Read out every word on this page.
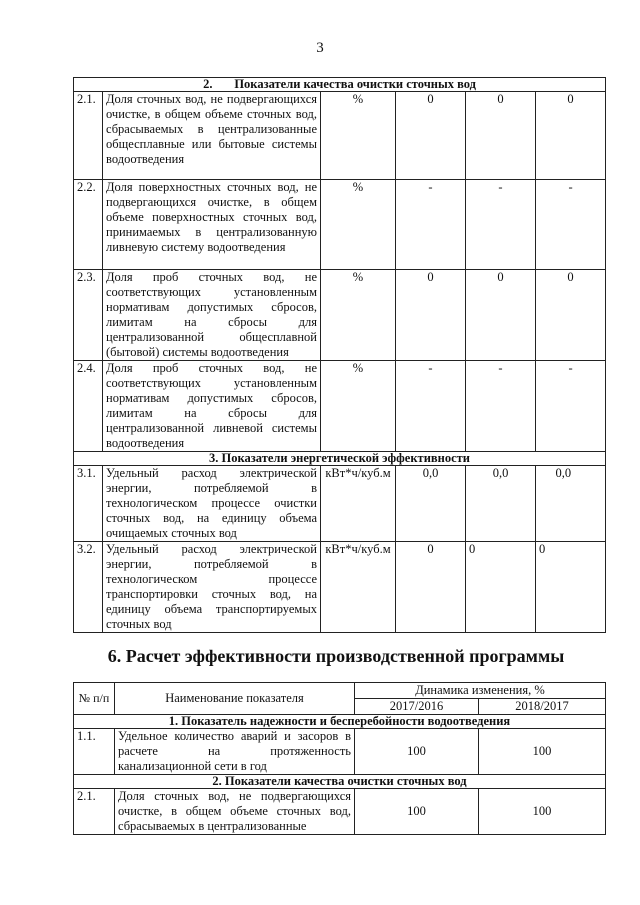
3
2.       Показатели качества очистки сточных вод					
2.1.	Доля сточных вод, не подвергающихся очистке, в общем объеме сточных вод, сбрасываемых в централизованные общесплавные или бытовые системы водоотведения	%	0	0	0
2.2.	Доля поверхностных сточных вод, не подвергающихся очистке, в общем объеме поверхностных сточных вод, принимаемых в централизованную ливневую систему водоотведения	%	-	-	-
2.3.	Доля проб сточных вод, не соответствующих установленным нормативам допустимых сбросов, лимитам на сбросы для централизованной общесплавной (бытовой) системы водоотведения	%	0	0	0
2.4.	Доля проб сточных вод, не соответствующих установленным нормативам допустимых сбросов, лимитам на сбросы для централизованной ливневой системы водоотведения	%	-	-	-
3. Показатели энергетической эффективности					
3.1.	Удельный расход электрической энергии, потребляемой в технологическом процессе очистки сточных вод, на единицу объема очищаемых сточных вод	кВт*ч/куб.м	0,0	0,0	0,0
3.2.	Удельный расход электрической энергии, потребляемой в технологическом процессе транспортировки сточных вод, на единицу объема транспортируемых сточных вод	кВт*ч/куб.м	0	0	0
6. Расчет эффективности производственной программы
№ п/п	Наименование показателя	Динамика изменения, %	
		2017/2016	2018/2017
1. Показатель надежности и бесперебойности водоотведения			
1.1.	Удельное количество аварий и засоров в расчете на протяженность канализационной сети в год	100	100
2. Показатели качества очистки сточных вод			
2.1.	Доля сточных вод, не подвергающихся очистке, в общем объеме сточных вод, сбрасываемых в централизованные	100	100
